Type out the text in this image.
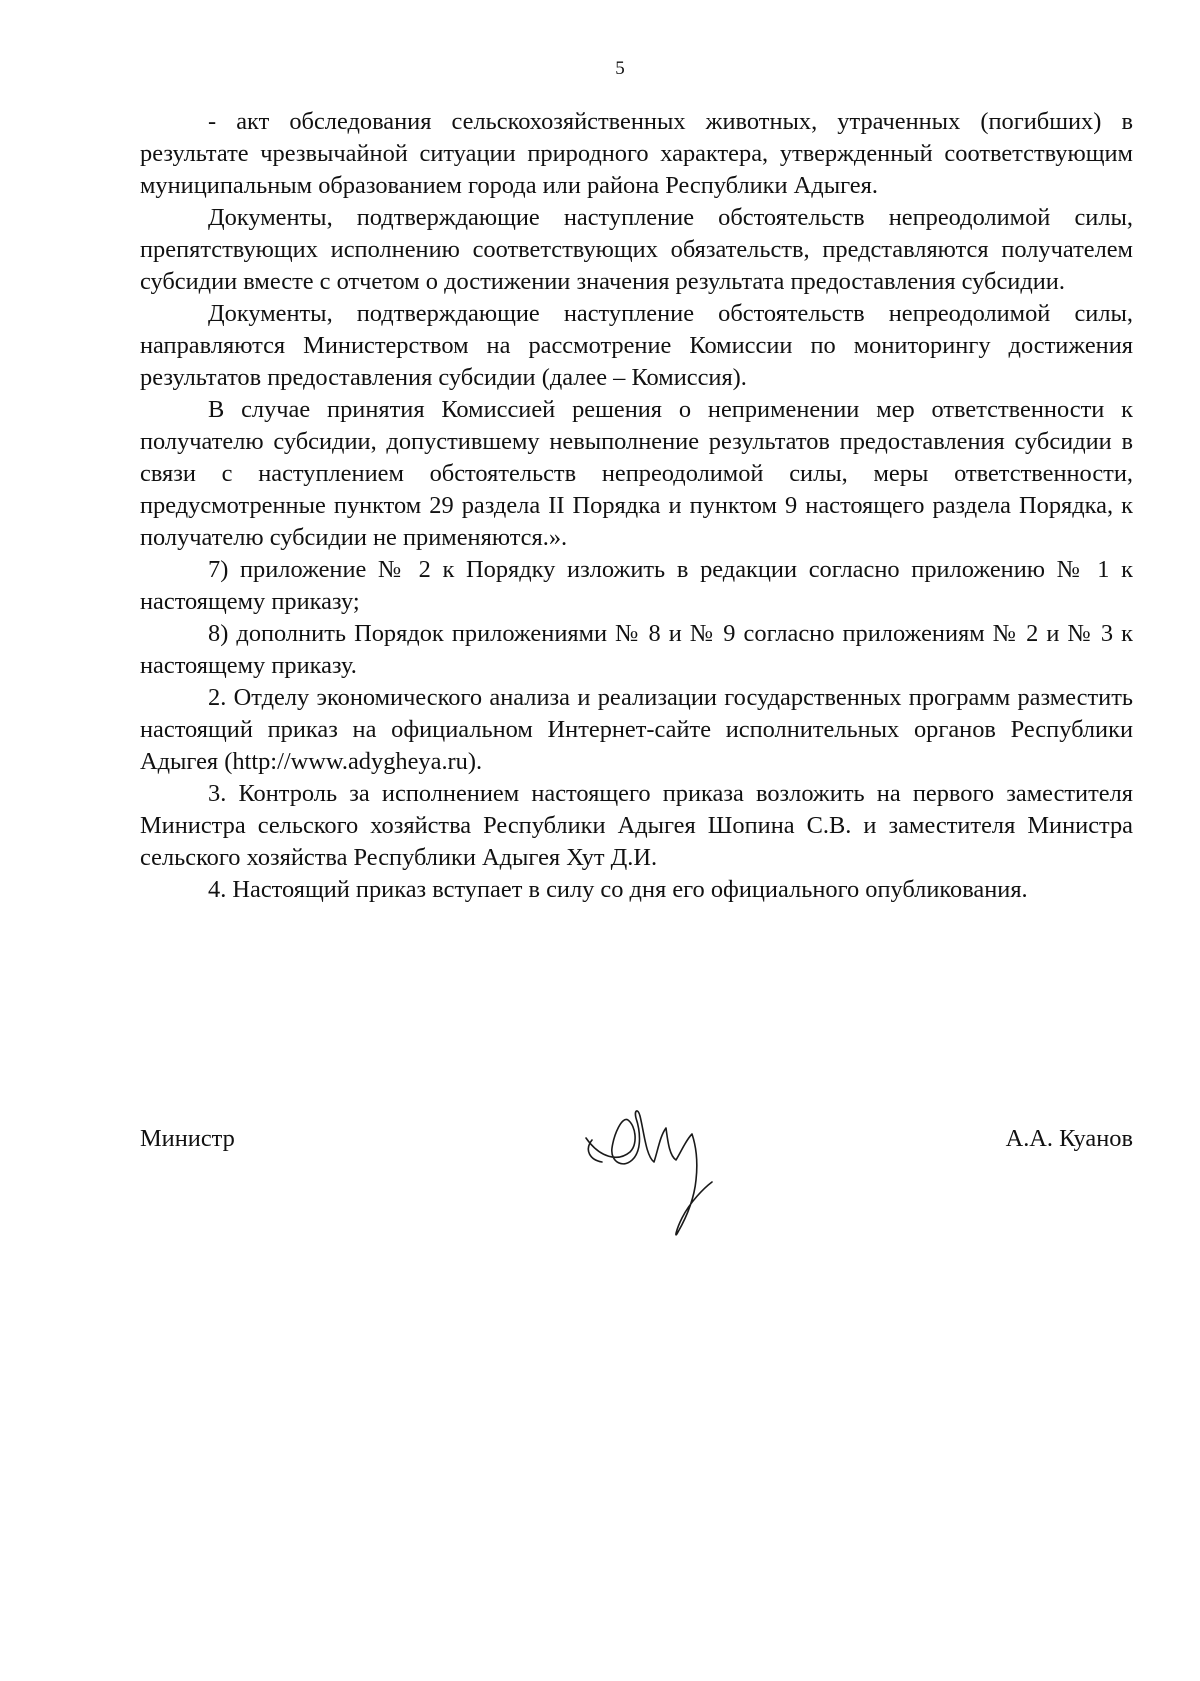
5

- акт обследования сельскохозяйственных животных, утраченных (погибших) в результате чрезвычайной ситуации природного характера, утвержденный соответствующим муниципальным образованием города или района Республики Адыгея.

Документы, подтверждающие наступление обстоятельств непреодолимой силы, препятствующих исполнению соответствующих обязательств, представляются получателем субсидии вместе с отчетом о достижении значения результата предоставления субсидии.

Документы, подтверждающие наступление обстоятельств непреодолимой силы, направляются Министерством на рассмотрение Комиссии по мониторингу достижения результатов предоставления субсидии (далее – Комиссия).

В случае принятия Комиссией решения о неприменении мер ответственности к получателю субсидии, допустившему невыполнение результатов предоставления субсидии в связи с наступлением обстоятельств непреодолимой силы, меры ответственности, предусмотренные пунктом 29 раздела II Порядка и пунктом 9 настоящего раздела Порядка, к получателю субсидии не применяются.».

7) приложение № 2 к Порядку изложить в редакции согласно приложению № 1 к настоящему приказу;

8) дополнить Порядок приложениями № 8 и № 9 согласно приложениям № 2 и № 3 к настоящему приказу.

2. Отделу экономического анализа и реализации государственных программ разместить настоящий приказ на официальном Интернет-сайте исполнительных органов Республики Адыгея (http://www.adygheya.ru).

3. Контроль за исполнением настоящего приказа возложить на первого заместителя Министра сельского хозяйства Республики Адыгея Шопина С.В. и заместителя Министра сельского хозяйства Республики Адыгея Хут Д.И.

4. Настоящий приказ вступает в силу со дня его официального опубликования.

Министр	А.А. Куанов
